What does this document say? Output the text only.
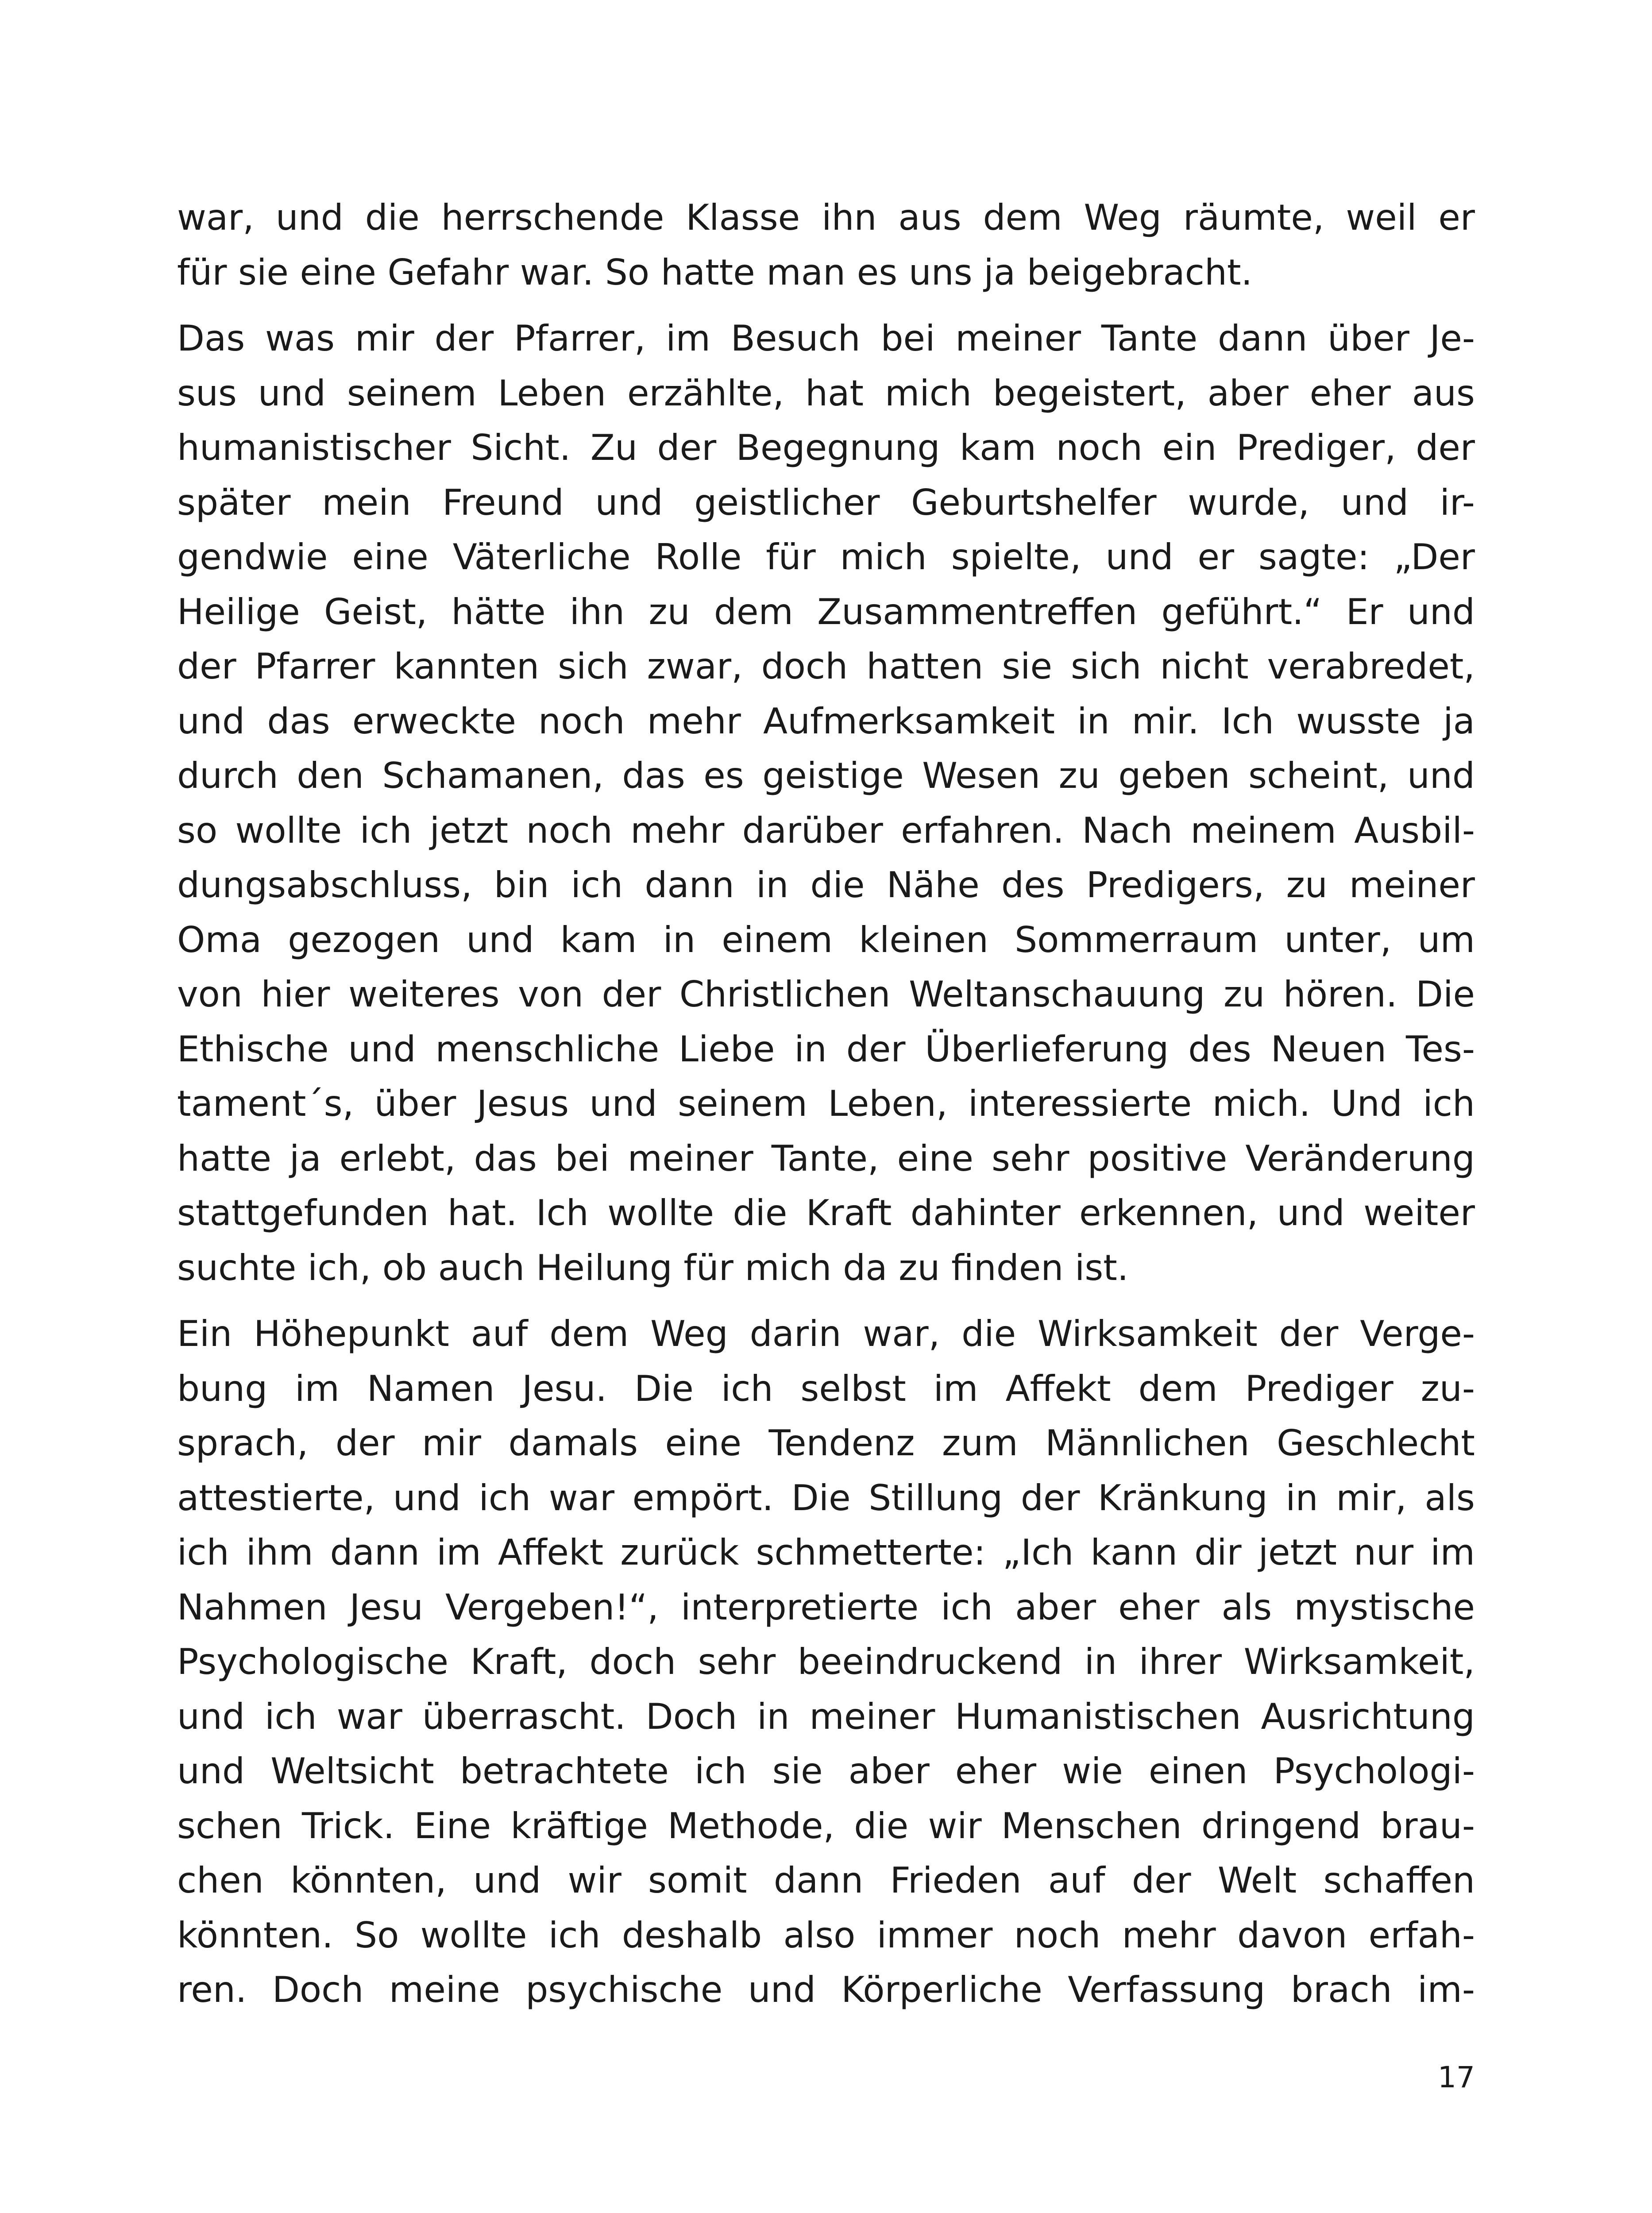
war, und die herrschende Klasse ihn aus dem Weg räumte, weil er
für sie eine Gefahr war. So hatte man es uns ja beigebracht.

Das was mir der Pfarrer, im Besuch bei meiner Tante dann über Je-
sus und seinem Leben erzählte, hat mich begeistert, aber eher aus
humanistischer Sicht. Zu der Begegnung kam noch ein Prediger, der
später mein Freund und geistlicher Geburtshelfer wurde, und ir-
gendwie eine Väterliche Rolle für mich spielte, und er sagte: „Der
Heilige Geist, hätte ihn zu dem Zusammentreffen geführt.“ Er und
der Pfarrer kannten sich zwar, doch hatten sie sich nicht verabredet,
und das erweckte noch mehr Aufmerksamkeit in mir. Ich wusste ja
durch den Schamanen, das es geistige Wesen zu geben scheint, und
so wollte ich jetzt noch mehr darüber erfahren. Nach meinem Ausbil-
dungsabschluss, bin ich dann in die Nähe des Predigers, zu meiner
Oma gezogen und kam in einem kleinen Sommerraum unter, um
von hier weiteres von der Christlichen Weltanschauung zu hören. Die
Ethische und menschliche Liebe in der Überlieferung des Neuen Tes-
tament´s, über Jesus und seinem Leben, interessierte mich. Und ich
hatte ja erlebt, das bei meiner Tante, eine sehr positive Veränderung
stattgefunden hat. Ich wollte die Kraft dahinter erkennen, und weiter
suchte ich, ob auch Heilung für mich da zu finden ist.

Ein Höhepunkt auf dem Weg darin war, die Wirksamkeit der Verge-
bung im Namen Jesu. Die ich selbst im Affekt dem Prediger zu-
sprach, der mir damals eine Tendenz zum Männlichen Geschlecht
attestierte, und ich war empört. Die Stillung der Kränkung in mir, als
ich ihm dann im Affekt zurück schmetterte: „Ich kann dir jetzt nur im
Nahmen Jesu Vergeben!“, interpretierte ich aber eher als mystische
Psychologische Kraft, doch sehr beeindruckend in ihrer Wirksamkeit,
und ich war überrascht. Doch in meiner Humanistischen Ausrichtung
und Weltsicht betrachtete ich sie aber eher wie einen Psychologi-
schen Trick. Eine kräftige Methode, die wir Menschen dringend brau-
chen könnten, und wir somit dann Frieden auf der Welt schaffen
könnten. So wollte ich deshalb also immer noch mehr davon erfah-
ren. Doch meine psychische und Körperliche Verfassung brach im-

17
